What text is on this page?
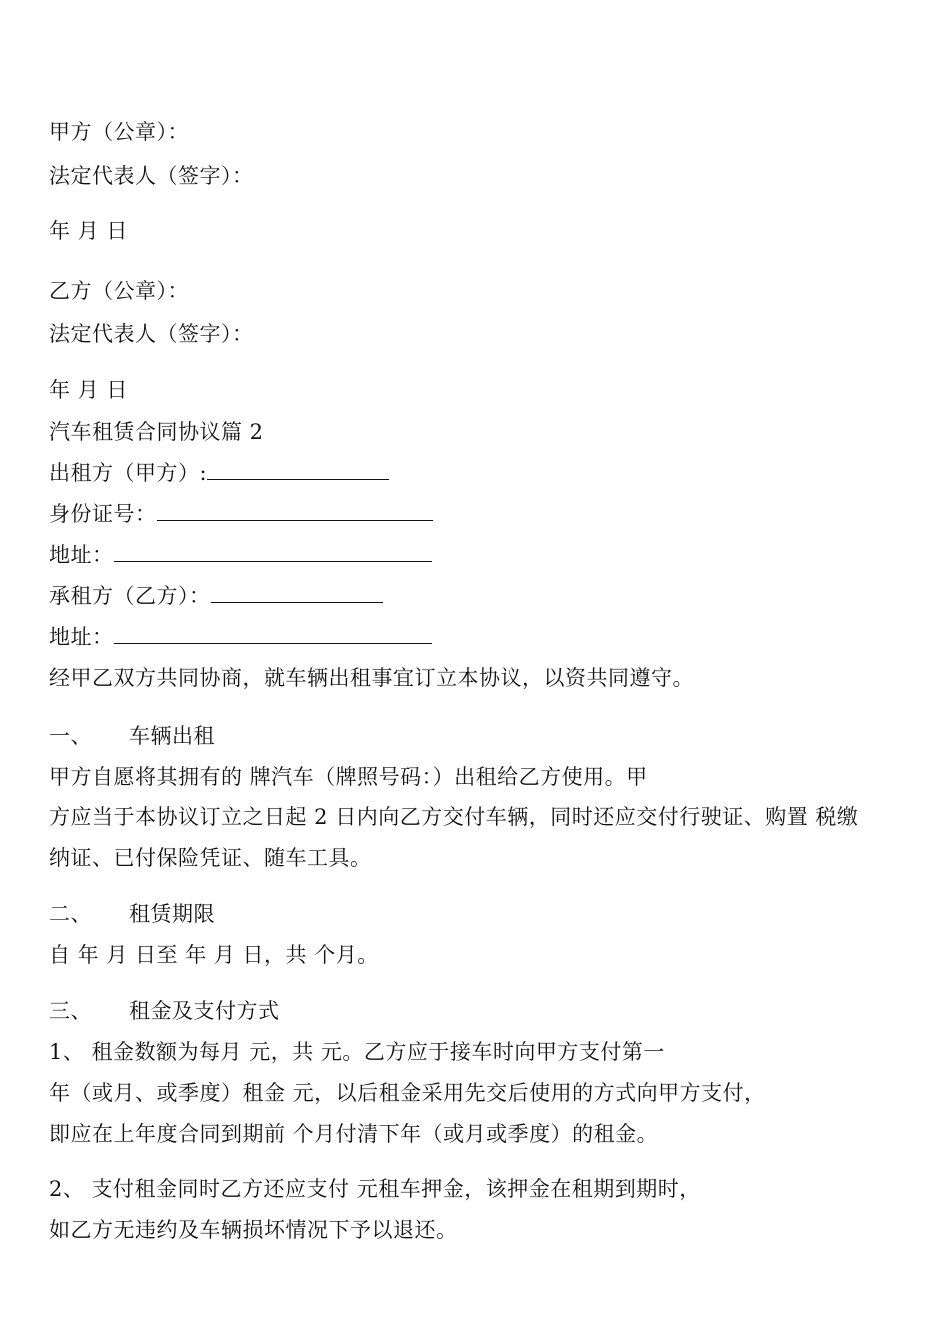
甲方（公章）：
法定代表人（签字）：
年 月 日
乙方（公章）：
法定代表人（签字）：
年 月 日
汽车租赁合同协议篇 2
出租方（甲方）:
身份证号：
地址：
承租方（乙方）：
地址：
经甲乙双方共同协商，就车辆出租事宜订立本协议，以资共同遵守。
一、 车辆出租
甲方自愿将其拥有的 牌汽车（牌照号码：）出租给乙方使用。甲
方应当于本协议订立之日起 2 日内向乙方交付车辆，同时还应交付行驶证、购置 税缴
纳证、已付保险凭证、随车工具。
二、 租赁期限
自 年 月 日至 年 月 日，共 个月。
三、 租金及支付方式
1、 租金数额为每月 元，共 元。乙方应于接车时向甲方支付第一
年（或月、或季度）租金 元，以后租金采用先交后使用的方式向甲方支付，
即应在上年度合同到期前 个月付清下年（或月或季度）的租金。
2、 支付租金同时乙方还应支付 元租车押金，该押金在租期到期时，
如乙方无违约及车辆损坏情况下予以退还。
